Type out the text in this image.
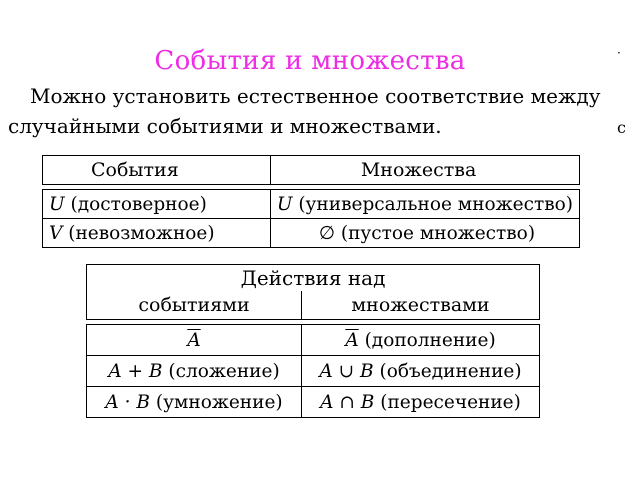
События и множества
Можно установить естественное соответствие между
случайными событиями и множествами.
·
с
События	Множества

U (достоверное)	U (универсальное множество)
V (невозможное)	∅ (пустое множество)
Действия над	
событиями	множествами

$\overline{A}$	$\overline{A}$ (дополнение)
A + B (сложение)	A ∪ B (объединение)
A · B (умножение)	A ∩ B (пересечение)
